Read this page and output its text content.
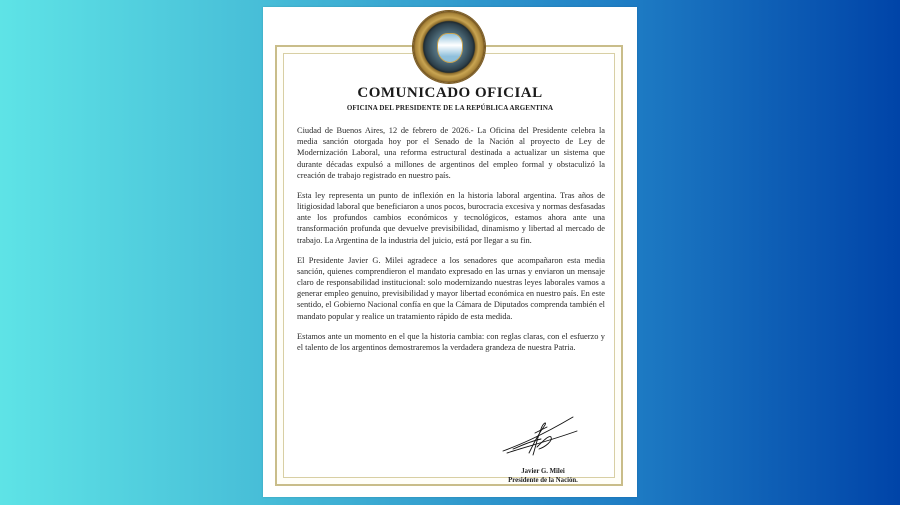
COMUNICADO OFICIAL
OFICINA DEL PRESIDENTE DE LA REPÚBLICA ARGENTINA

Ciudad de Buenos Aires, 12 de febrero de 2026.- La Oficina del Presidente celebra la media sanción otorgada hoy por el Senado de la Nación al proyecto de Ley de Modernización Laboral, una reforma estructural destinada a actualizar un sistema que durante décadas expulsó a millones de argentinos del empleo formal y obstaculizó la creación de trabajo registrado en nuestro país.

Esta ley representa un punto de inflexión en la historia laboral argentina. Tras años de litigiosidad laboral que beneficiaron a unos pocos, burocracia excesiva y normas desfasadas ante los profundos cambios económicos y tecnológicos, estamos ahora ante una transformación profunda que devuelve previsibilidad, dinamismo y libertad al mercado de trabajo. La Argentina de la industria del juicio, está por llegar a su fin.

El Presidente Javier G. Milei agradece a los senadores que acompañaron esta media sanción, quienes comprendieron el mandato expresado en las urnas y enviaron un mensaje claro de responsabilidad institucional: solo modernizando nuestras leyes laborales vamos a generar empleo genuino, previsibilidad y mayor libertad económica en nuestro país. En este sentido, el Gobierno Nacional confía en que la Cámara de Diputados comprenda también el mandato popular y realice un tratamiento rápido de esta medida.

Estamos ante un momento en el que la historia cambia: con reglas claras, con el esfuerzo y el talento de los argentinos demostraremos la verdadera grandeza de nuestra Patria.

Javier G. Milei
Presidente de la Nación.
